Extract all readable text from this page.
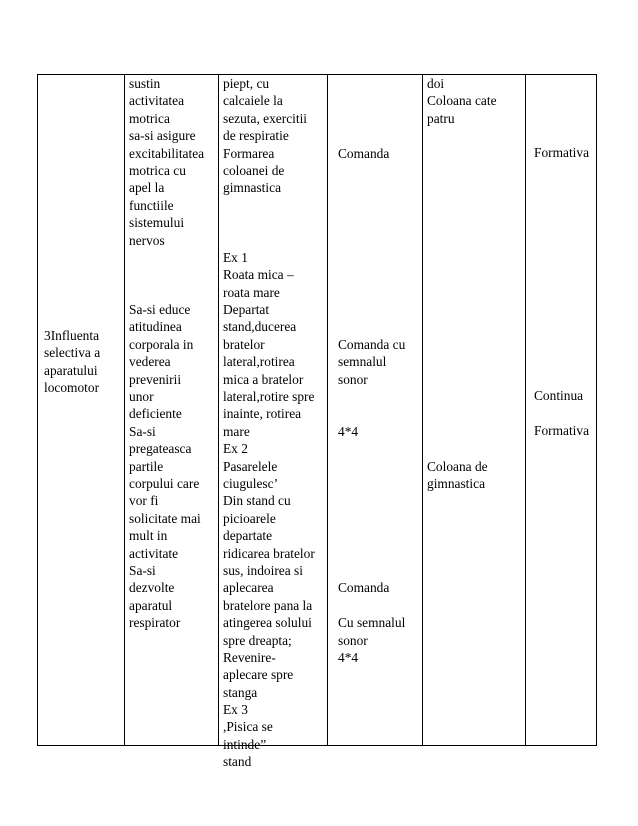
3Influenta
selectiva a
aparatului
locomotor
sustin
activitatea
motrica
sa-si asigure
excitabilitatea
motrica cu
apel la
functiile
sistemului
nervos
Sa-si educe
atitudinea
corporala in
vederea
prevenirii
unor
deficiente
Sa-si
pregateasca
partile
corpului care
vor fi
solicitate mai
mult in
activitate
Sa-si
dezvolte
aparatul
respirator
piept, cu
calcaiele la
sezuta, exercitii
de respiratie
Formarea
coloanei de
gimnastica
Ex 1
Roata mica –
roata mare
Departat
stand,ducerea
bratelor
lateral,rotirea
mica a bratelor
lateral,rotire spre
inainte, rotirea
mare
Ex 2
Pasarelele
ciugulesc’
Din stand cu
picioarele
departate
ridicarea bratelor
sus, indoirea si
aplecarea
bratelore pana la
atingerea solului
spre dreapta;
Revenire-
aplecare spre
stanga
Ex 3
,Pisica se
intinde”
stand
Comanda
Comanda cu
semnalul
sonor
4*4
Comanda
Cu semnalul
sonor
4*4
doi
Coloana cate
patru
Coloana de
gimnastica
Formativa
Continua
Formativa
